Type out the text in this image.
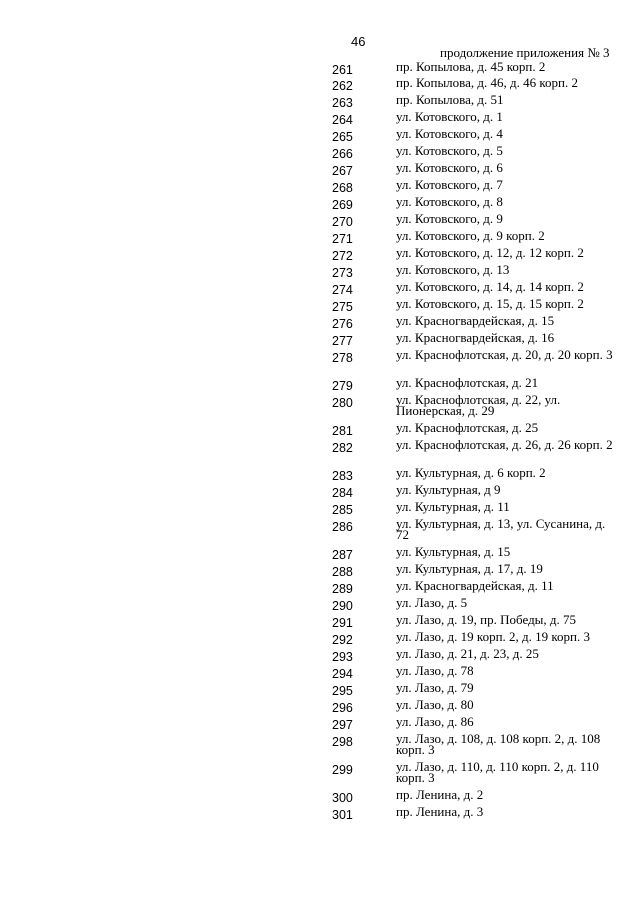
46
продолжение приложения № 3
261	пр. Копылова, д. 45 корп. 2
262	пр. Копылова, д. 46, д. 46 корп. 2
263	пр. Копылова, д. 51
264	ул. Котовского, д. 1
265	ул. Котовского, д. 4
266	ул. Котовского, д. 5
267	ул. Котовского, д. 6
268	ул. Котовского, д. 7
269	ул. Котовского, д. 8
270	ул. Котовского, д. 9
271	ул. Котовского, д. 9 корп. 2
272	ул. Котовского, д. 12, д. 12 корп. 2
273	ул. Котовского, д. 13
274	ул. Котовского, д. 14, д. 14 корп. 2
275	ул. Котовского, д. 15, д. 15 корп. 2
276	ул. Красногвардейская, д. 15
277	ул. Красногвардейская, д. 16
278	ул. Краснофлотская, д. 20, д. 20 корп. 3
279	ул. Краснофлотская, д. 21
280	ул. Краснофлотская, д. 22, ул. Пионерская, д. 29
281	ул. Краснофлотская, д. 25
282	ул. Краснофлотская, д. 26, д. 26 корп. 2
283	ул. Культурная, д. 6 корп. 2
284	ул. Культурная, д 9
285	ул. Культурная, д. 11
286	ул. Культурная, д. 13, ул. Сусанина, д. 72
287	ул. Культурная, д. 15
288	ул. Культурная, д. 17, д. 19
289	ул. Красногвардейская, д. 11
290	ул. Лазо, д. 5
291	ул. Лазо, д. 19, пр. Победы, д. 75
292	ул. Лазо, д. 19 корп. 2, д. 19 корп. 3
293	ул. Лазо, д. 21, д. 23, д. 25
294	ул. Лазо, д. 78
295	ул. Лазо, д. 79
296	ул. Лазо, д. 80
297	ул. Лазо, д. 86
298	ул. Лазо, д. 108, д. 108 корп. 2, д. 108 корп. 3
299	ул. Лазо, д. 110, д. 110 корп. 2, д. 110 корп. 3
300	пр. Ленина, д. 2
301	пр. Ленина, д. 3
